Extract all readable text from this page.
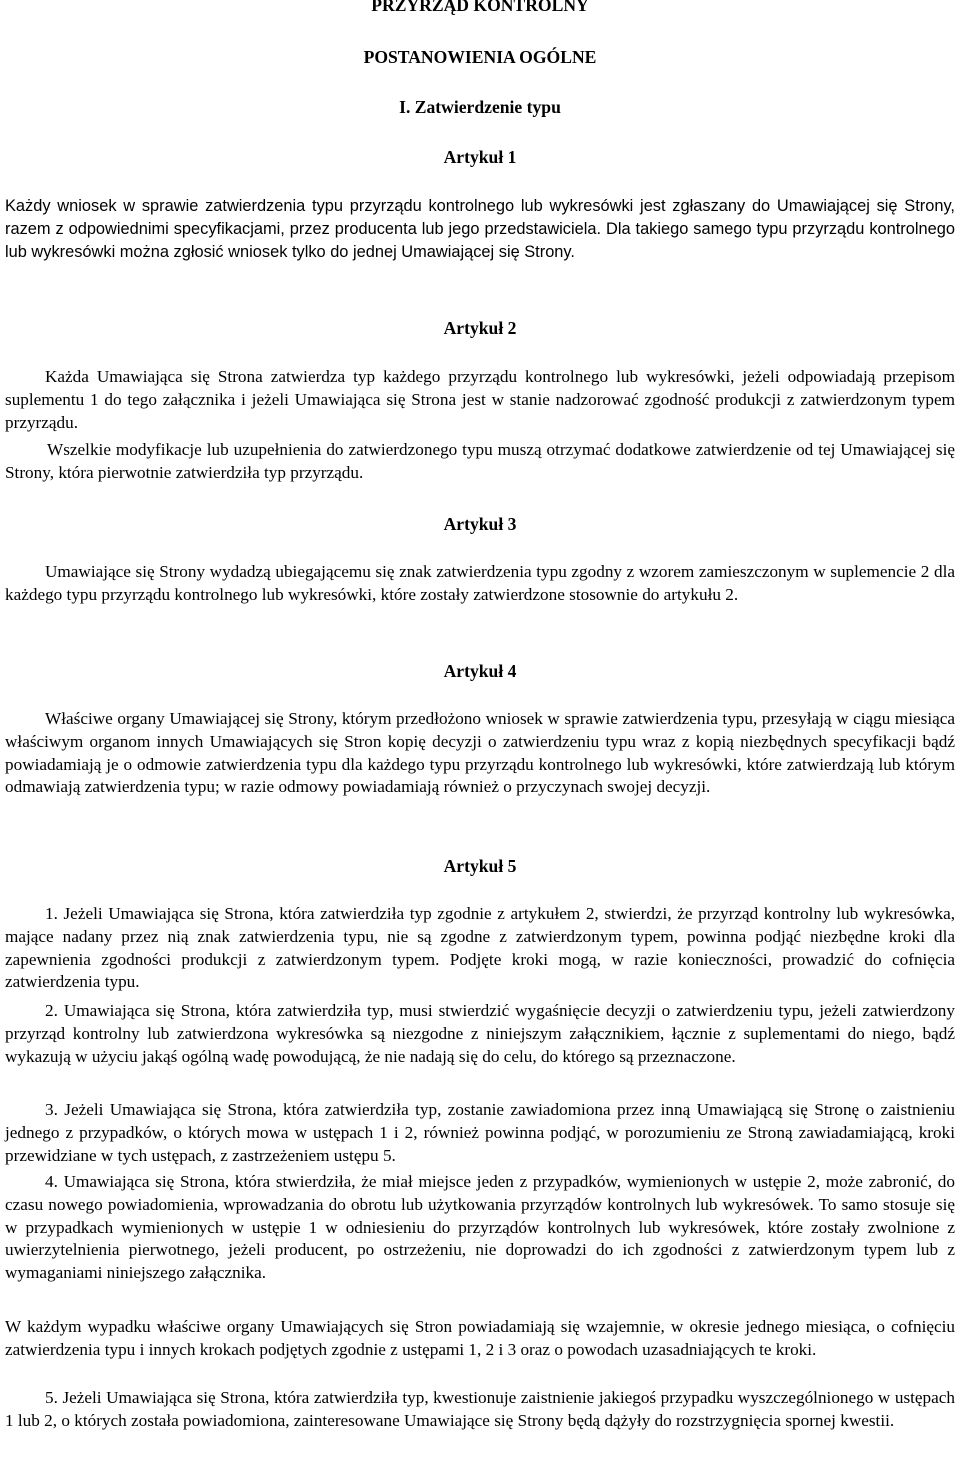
PRZYRZĄD KONTROLNY
POSTANOWIENIA OGÓLNE
I. Zatwierdzenie typu
Artykuł 1

Każdy wniosek w sprawie zatwierdzenia typu przyrządu kontrolnego lub wykresówki jest zgłaszany do Umawiającej się Strony, razem z odpowiednimi specyfikacjami, przez producenta lub jego przedstawiciela. Dla takiego samego typu przyrządu kontrolnego lub wykresówki można zgłosić wniosek tylko do jednej Umawiającej się Strony.

Artykuł 2

Każda Umawiająca się Strona zatwierdza typ każdego przyrządu kontrolnego lub wykresówki, jeżeli odpowiadają przepisom suplementu 1 do tego załącznika i jeżeli Umawiająca się Strona jest w stanie nadzorować zgodność produkcji z zatwierdzonym typem przyrządu.

Wszelkie modyfikacje lub uzupełnienia do zatwierdzonego typu muszą otrzymać dodatkowe zatwierdzenie od tej Umawiającej się Strony, która pierwotnie zatwierdziła typ przyrządu.

Artykuł 3

Umawiające się Strony wydadzą ubiegającemu się znak zatwierdzenia typu zgodny z wzorem zamieszczonym w suplemencie 2 dla każdego typu przyrządu kontrolnego lub wykresówki, które zostały zatwierdzone stosownie do artykułu 2.

Artykuł 4

Właściwe organy Umawiającej się Strony, którym przedłożono wniosek w sprawie zatwierdzenia typu, przesyłają w ciągu miesiąca właściwym organom innych Umawiających się Stron kopię decyzji o zatwierdzeniu typu wraz z kopią niezbędnych specyfikacji bądź powiadamiają je o odmowie zatwierdzenia typu dla każdego typu przyrządu kontrolnego lub wykresówki, które zatwierdzają lub którym odmawiają zatwierdzenia typu; w razie odmowy powiadamiają również o przyczynach swojej decyzji.

Artykuł 5

1. Jeżeli Umawiająca się Strona, która zatwierdziła typ zgodnie z artykułem 2, stwierdzi, że przyrząd kontrolny lub wykresówka, mające nadany przez nią znak zatwierdzenia typu, nie są zgodne z zatwierdzonym typem, powinna podjąć niezbędne kroki dla zapewnienia zgodności produkcji z zatwierdzonym typem. Podjęte kroki mogą, w razie konieczności, prowadzić do cofnięcia zatwierdzenia typu.

2. Umawiająca się Strona, która zatwierdziła typ, musi stwierdzić wygaśnięcie decyzji o zatwierdzeniu typu, jeżeli zatwierdzony przyrząd kontrolny lub zatwierdzona wykresówka są niezgodne z niniejszym załącznikiem, łącznie z suplementami do niego, bądź wykazują w użyciu jakąś ogólną wadę powodującą, że nie nadają się do celu, do którego są przeznaczone.

3. Jeżeli Umawiająca się Strona, która zatwierdziła typ, zostanie zawiadomiona przez inną Umawiającą się Stronę o zaistnieniu jednego z przypadków, o których mowa w ustępach 1 i 2, również powinna podjąć, w porozumieniu ze Stroną zawiadamiającą, kroki przewidziane w tych ustępach, z zastrzeżeniem ustępu 5.

4. Umawiająca się Strona, która stwierdziła, że miał miejsce jeden z przypadków, wymienionych w ustępie 2, może zabronić, do czasu nowego powiadomienia, wprowadzania do obrotu lub użytkowania przyrządów kontrolnych lub wykresówek. To samo stosuje się w przypadkach wymienionych w ustępie 1 w odniesieniu do przyrządów kontrolnych lub wykresówek, które zostały zwolnione z uwierzytelnienia pierwotnego, jeżeli producent, po ostrzeżeniu, nie doprowadzi do ich zgodności z zatwierdzonym typem lub z wymaganiami niniejszego załącznika.

W każdym wypadku właściwe organy Umawiających się Stron powiadamiają się wzajemnie, w okresie jednego miesiąca, o cofnięciu zatwierdzenia typu i innych krokach podjętych zgodnie z ustępami 1, 2 i 3 oraz o powodach uzasadniających te kroki.

5. Jeżeli Umawiająca się Strona, która zatwierdziła typ, kwestionuje zaistnienie jakiegoś przypadku wyszczególnionego w ustępach 1 lub 2, o których została powiadomiona, zainteresowane Umawiające się Strony będą dążyły do rozstrzygnięcia spornej kwestii.
